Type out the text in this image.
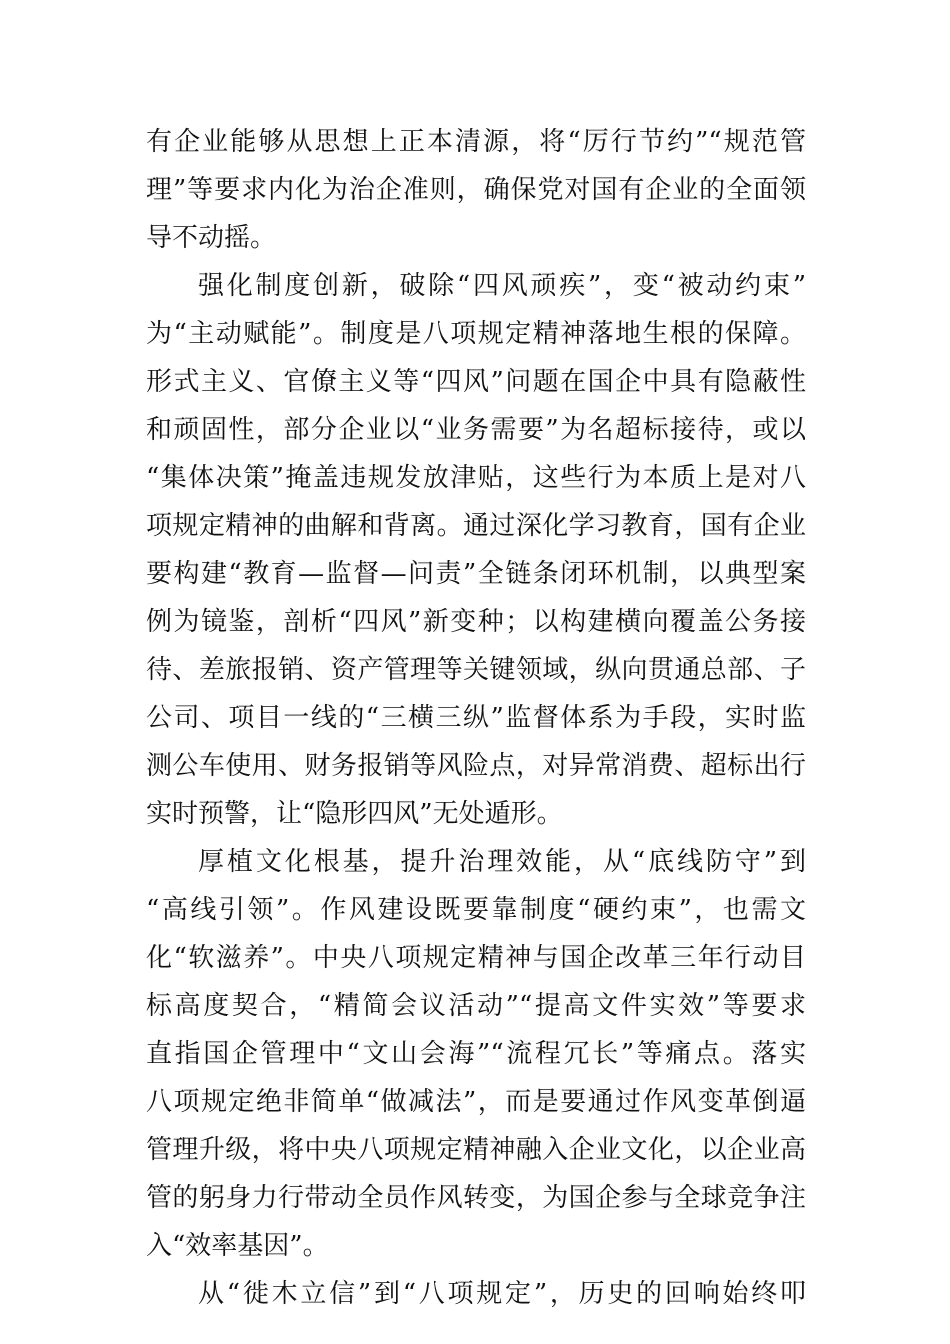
有企业能够从思想上正本清源，将“厉行节约”“规范管
理”等要求内化为治企准则，确保党对国有企业的全面领
导不动摇。
强化制度创新，破除“四风顽疾”，变“被动约束”
为“主动赋能”。制度是八项规定精神落地生根的保障。
形式主义、官僚主义等“四风”问题在国企中具有隐蔽性
和顽固性，部分企业以“业务需要”为名超标接待，或以
“集体决策”掩盖违规发放津贴，这些行为本质上是对八
项规定精神的曲解和背离。通过深化学习教育，国有企业
要构建“教育—监督—问责”全链条闭环机制，以典型案
例为镜鉴，剖析“四风”新变种；以构建横向覆盖公务接
待、差旅报销、资产管理等关键领域，纵向贯通总部、子
公司、项目一线的“三横三纵”监督体系为手段，实时监
测公车使用、财务报销等风险点，对异常消费、超标出行
实时预警，让“隐形四风”无处遁形。
厚植文化根基，提升治理效能，从“底线防守”到
“高线引领”。作风建设既要靠制度“硬约束”，也需文
化“软滋养”。中央八项规定精神与国企改革三年行动目
标高度契合，“精简会议活动”“提高文件实效”等要求
直指国企管理中“文山会海”“流程冗长”等痛点。落实
八项规定绝非简单“做减法”，而是要通过作风变革倒逼
管理升级，将中央八项规定精神融入企业文化，以企业高
管的躬身力行带动全员作风转变，为国企参与全球竞争注
入“效率基因”。
从“徙木立信”到“八项规定”，历史的回响始终叩
